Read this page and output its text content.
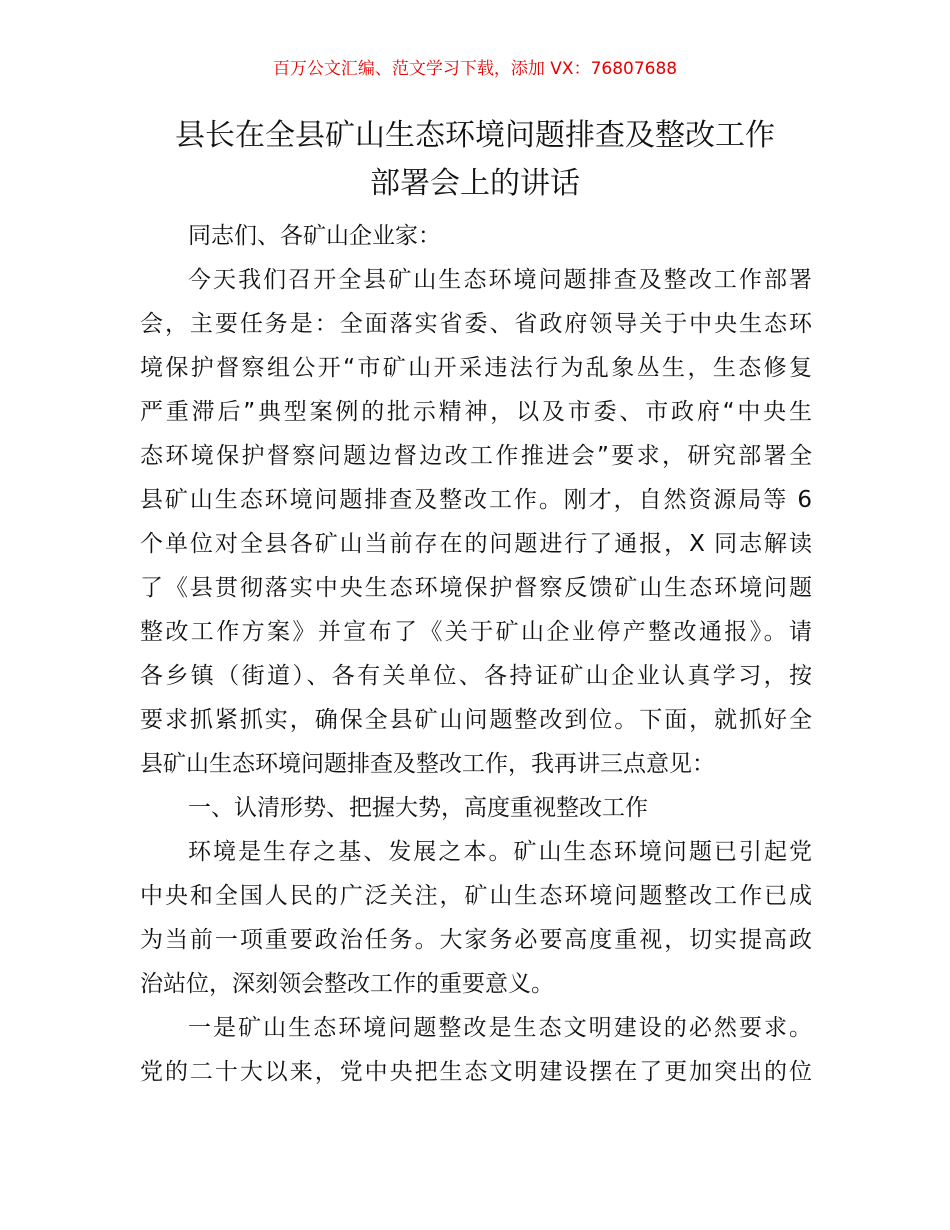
百万公文汇编、范文学习下载，添加 VX：76807688
县长在全县矿山生态环境问题排查及整改工作
部署会上的讲话

同志们、各矿山企业家：

今天我们召开全县矿山生态环境问题排查及整改工作部署
会，主要任务是：全面落实省委、省政府领导关于中央生态环
境保护督察组公开“市矿山开采违法行为乱象丛生，生态修复
严重滞后”典型案例的批示精神，以及市委、市政府“中央生
态环境保护督察问题边督边改工作推进会”要求，研究部署全
县矿山生态环境问题排查及整改工作。刚才，自然资源局等 6
个单位对全县各矿山当前存在的问题进行了通报，X 同志解读
了《县贯彻落实中央生态环境保护督察反馈矿山生态环境问题
整改工作方案》并宣布了《关于矿山企业停产整改通报》。请
各乡镇（街道）、各有关单位、各持证矿山企业认真学习，按
要求抓紧抓实，确保全县矿山问题整改到位。下面，就抓好全
县矿山生态环境问题排查及整改工作，我再讲三点意见：

一、认清形势、把握大势，高度重视整改工作

环境是生存之基、发展之本。矿山生态环境问题已引起党
中央和全国人民的广泛关注，矿山生态环境问题整改工作已成
为当前一项重要政治任务。大家务必要高度重视，切实提高政
治站位，深刻领会整改工作的重要意义。

一是矿山生态环境问题整改是生态文明建设的必然要求。
党的二十大以来，党中央把生态文明建设摆在了更加突出的位
